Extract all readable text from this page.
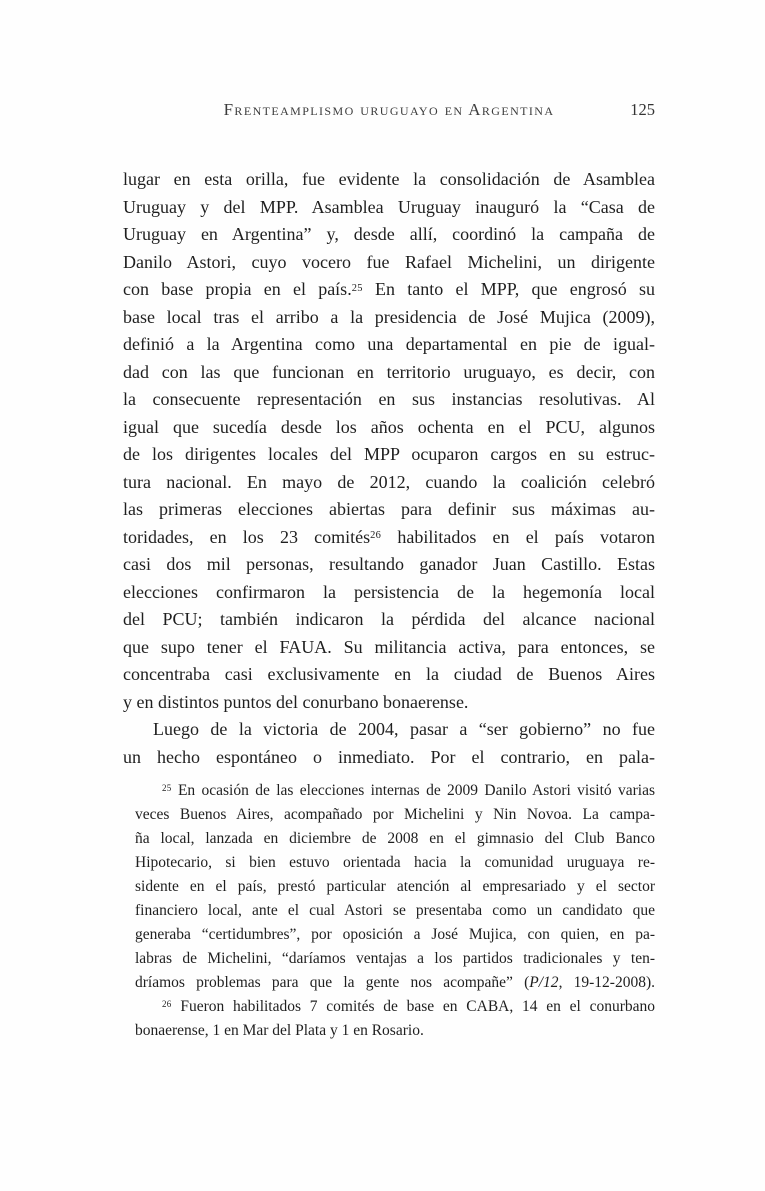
Frenteamplismo uruguayo en Argentina	125
lugar en esta orilla, fue evidente la consolidación de Asamblea
Uruguay y del MPP. Asamblea Uruguay inauguró la “Casa de
Uruguay en Argentina” y, desde allí, coordinó la campaña de
Danilo Astori, cuyo vocero fue Rafael Michelini, un dirigente
con base propia en el país.$^{25}$ En tanto el MPP, que engrosó su
base local tras el arribo a la presidencia de José Mujica (2009),
definió a la Argentina como una departamental en pie de igual-
dad con las que funcionan en territorio uruguayo, es decir, con
la consecuente representación en sus instancias resolutivas. Al
igual que sucedía desde los años ochenta en el PCU, algunos
de los dirigentes locales del MPP ocuparon cargos en su estruc-
tura nacional. En mayo de 2012, cuando la coalición celebró
las primeras elecciones abiertas para definir sus máximas au-
toridades, en los 23 comités$^{26}$ habilitados en el país votaron
casi dos mil personas, resultando ganador Juan Castillo. Estas
elecciones confirmaron la persistencia de la hegemonía local
del PCU; también indicaron la pérdida del alcance nacional
que supo tener el FAUA. Su militancia activa, para entonces, se
concentraba casi exclusivamente en la ciudad de Buenos Aires
y en distintos puntos del conurbano bonaerense.
Luego de la victoria de 2004, pasar a “ser gobierno” no fue
un hecho espontáneo o inmediato. Por el contrario, en pala-
$^{25}$ En ocasión de las elecciones internas de 2009 Danilo Astori visitó varias
veces Buenos Aires, acompañado por Michelini y Nin Novoa. La campa-
ña local, lanzada en diciembre de 2008 en el gimnasio del Club Banco
Hipotecario, si bien estuvo orientada hacia la comunidad uruguaya re-
sidente en el país, prestó particular atención al empresariado y el sector
financiero local, ante el cual Astori se presentaba como un candidato que
generaba “certidumbres”, por oposición a José Mujica, con quien, en pa-
labras de Michelini, “daríamos ventajas a los partidos tradicionales y ten-
dríamos problemas para que la gente nos acompañe” (P/12, 19-12-2008).
$^{26}$ Fueron habilitados 7 comités de base en CABA, 14 en el conurbano
bonaerense, 1 en Mar del Plata y 1 en Rosario.
